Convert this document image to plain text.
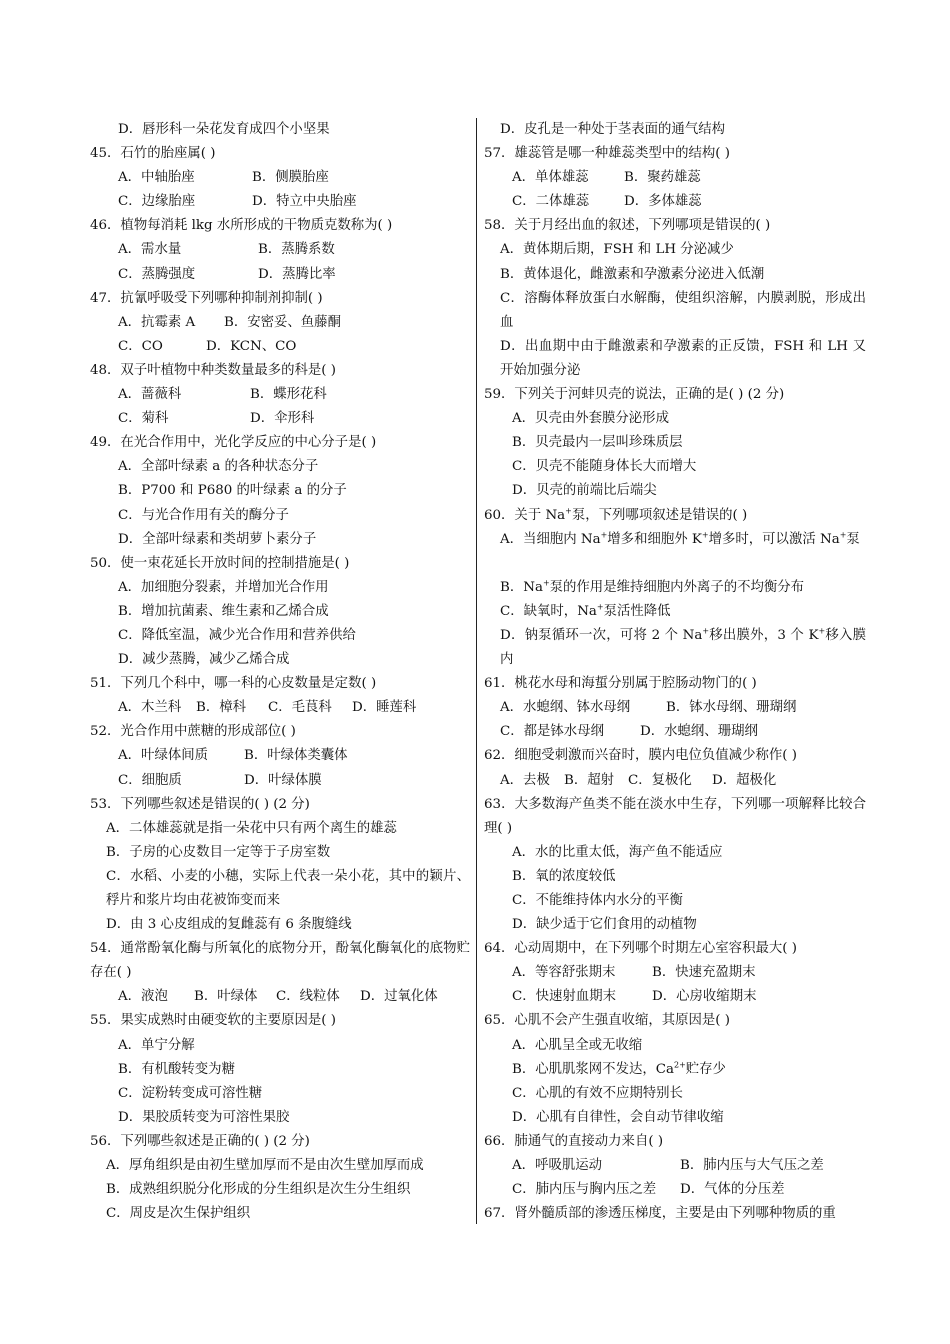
D．唇形科一朵花发育成四个小坚果
45．石竹的胎座属( )
A．中轴胎座	B．侧膜胎座
C．边缘胎座	D．特立中央胎座
46．植物每消耗 lkg 水所形成的干物质克数称为( )
A．需水量	B．蒸腾系数
C．蒸腾强度	D．蒸腾比率
47．抗氰呼吸受下列哪种抑制剂抑制( )
A．抗霉素 A	B．安密妥、鱼藤酮
C．CO	D．KCN、CO
48．双子叶植物中种类数量最多的科是( )
A．蔷薇科	B．蝶形花科
C．菊科	D．伞形科
49．在光合作用中，光化学反应的中心分子是( )
A．全部叶绿素 a 的各种状态分子
B．P700 和 P680 的叶绿素 a 的分子
C．与光合作用有关的酶分子
D．全部叶绿素和类胡萝卜素分子
50．使一束花延长开放时间的控制措施是( )
A．加细胞分裂素，并增加光合作用
B．增加抗菌素、维生素和乙烯合成
C．降低室温，减少光合作用和营养供给
D．减少蒸腾，减少乙烯合成
51．下列几个科中，哪一科的心皮数量是定数( )
A．木兰科	B．樟科	C．毛茛科	D．睡莲科
52．光合作用中蔗糖的形成部位( )
A．叶绿体间质	B．叶绿体类囊体
C．细胞质	D．叶绿体膜
53．下列哪些叙述是错误的( ) (2 分)
A．二体雄蕊就是指一朵花中只有两个离生的雄蕊
B．子房的心皮数目一定等于子房室数
C．水稻、小麦的小穗，实际上代表一朵小花，其中的颖片、稃片和浆片均由花被饰变而来
D．由 3 心皮组成的复雌蕊有 6 条腹缝线
54．通常酚氧化酶与所氧化的底物分开，酚氧化酶氧化的底物贮存在( )
A．液泡	B．叶绿体	C．线粒体	D．过氧化体
55．果实成熟时由硬变软的主要原因是( )
A．单宁分解
B．有机酸转变为糖
C．淀粉转变成可溶性糖
D．果胶质转变为可溶性果胶
56．下列哪些叙述是正确的( ) (2 分)
A．厚角组织是由初生壁加厚而不是由次生壁加厚而成
B．成熟组织脱分化形成的分生组织是次生分生组织
C．周皮是次生保护组织
D．皮孔是一种处于茎表面的通气结构
57．雄蕊管是哪一种雄蕊类型中的结构( )
A．单体雄蕊	B．聚药雄蕊
C．二体雄蕊	D．多体雄蕊
58．关于月经出血的叙述，下列哪项是错误的( )
A．黄体期后期，FSH 和 LH 分泌减少
B．黄体退化，雌激素和孕激素分泌进入低潮
C．溶酶体释放蛋白水解酶，使组织溶解，内膜剥脱，形成出血
D．出血期中由于雌激素和孕激素的正反馈，FSH 和 LH 又开始加强分泌
59．下列关于河蚌贝壳的说法，正确的是( ) (2 分)
A．贝壳由外套膜分泌形成
B．贝壳最内一层叫珍珠质层
C．贝壳不能随身体长大而增大
D．贝壳的前端比后端尖
60．关于 Na+泵，下列哪项叙述是错误的( )
A．当细胞内 Na+增多和细胞外 K+增多时，可以激活 Na+泵
B．Na+泵的作用是维持细胞内外离子的不均衡分布
C．缺氧时，Na+泵活性降低
D．钠泵循环一次，可将 2 个 Na+移出膜外，3 个 K+移入膜内
61．桃花水母和海蜇分别属于腔肠动物门的( )
A．水螅纲、钵水母纲	B．钵水母纲、珊瑚纲
C．都是钵水母纲	D．水螅纲、珊瑚纲
62．细胞受刺激而兴奋时，膜内电位负值减少称作( )
A．去极	B．超射	C．复极化	D．超极化
63．大多数海产鱼类不能在淡水中生存，下列哪一项解释比较合理( )
A．水的比重太低，海产鱼不能适应
B．氧的浓度较低
C．不能维持体内水分的平衡
D．缺少适于它们食用的动植物
64．心动周期中，在下列哪个时期左心室容积最大( )
A．等容舒张期末	B．快速充盈期末
C．快速射血期末	D．心房收缩期末
65．心肌不会产生强直收缩，其原因是( )
A．心肌呈全或无收缩
B．心肌肌浆网不发达，$Ca^{2+}$贮存少
C．心肌的有效不应期特别长
D．心肌有自律性，会自动节律收缩
66．肺通气的直接动力来自( )
A．呼吸肌运动	B．肺内压与大气压之差
C．肺内压与胸内压之差	D．气体的分压差
67．肾外髓质部的渗透压梯度，主要是由下列哪种物质的重
